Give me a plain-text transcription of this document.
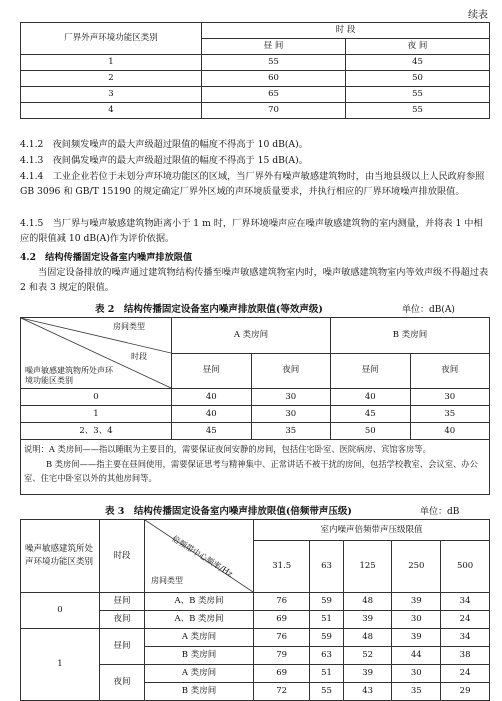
续表
厂界外声环境功能区类别	时 段	
	昼 间	夜 间
1	55	45
2	60	50
3	65	55
4	70	55
4.1.2　夜间频发噪声的最大声级超过限值的幅度不得高于 10 dB(A)。
4.1.3　夜间偶发噪声的最大声级超过限值的幅度不得高于 15 dB(A)。
4.1.4　工业企业若位于未划分声环境功能区的区域，当厂界外有噪声敏感建筑物时，由当地县级以上人民政府参照 GB 3096 和 GB/T 15190 的规定确定厂界外区域的声环境质量要求，并执行相应的厂界环境噪声排放限值。
4.1.5　当厂界与噪声敏感建筑物距离小于 1 m 时，厂界环境噪声应在噪声敏感建筑物的室内测量，并将表 1 中相应的限值减 10 dB(A)作为评价依据。
4.2　结构传播固定设备室内噪声排放限值
当固定设备排放的噪声通过建筑物结构传播至噪声敏感建筑物室内时，噪声敏感建筑物室内等效声级不得超过表 2 和表 3 规定的限值。
表 2　结构传播固定设备室内噪声排放限值(等效声级)	单位：dB(A)
房间类型
时段
噪声敏感建筑物所处声环境功能区类别	A 类房间		B 类房间	
	昼间	夜间	昼间	夜间
0	40	30	40	30
1	40	30	45	35
2、3、4	45	35	50	40

说明：A 类房间——指以睡眠为主要目的，需要保证夜间安静的房间，包括住宅卧室、医院病房、宾馆客房等。
B 类房间——指主要在昼间使用，需要保证思考与精神集中、正常讲话不被干扰的房间，包括学校教室、会议室、办公室、住宅中卧室以外的其他房间等。
表 3　结构传播固定设备室内噪声排放限值(倍频带声压级)	单位：dB
噪声敏感建筑所处声环境功能区类别	时段	倍频带中心频率/Hz
房间类型	室内噪声倍频带声压级限值				
			31.5	63	125	250	500
0	昼间	A、B 类房间	76	59	48	39	34
	夜间	A、B 类房间	69	51	39	30	24
1	昼间	A 类房间	76	59	48	39	34
		B 类房间	79	63	52	44	38
	夜间	A 类房间	69	51	39	30	24
		B 类房间	72	55	43	35	29
